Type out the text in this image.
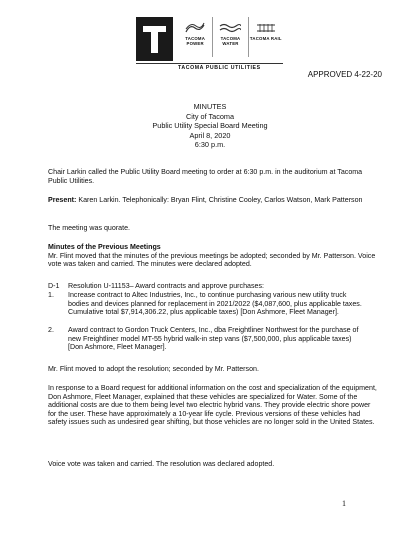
TACOMA POWER
TACOMA WATER
TACOMA RAIL
TACOMA PUBLIC UTILITIES
APPROVED 4-22-20
MINUTES
City of Tacoma
Public Utility Special Board Meeting
April 8, 2020
6:30 p.m.
Chair Larkin called the Public Utility Board meeting to order at 6:30 p.m. in the auditorium at Tacoma Public Utilities.
Present: Karen Larkin. Telephonically: Bryan Flint, Christine Cooley, Carlos Watson, Mark Patterson
The meeting was quorate.
Minutes of the Previous Meetings
Mr. Flint moved that the minutes of the previous meetings be adopted; seconded by Mr. Patterson. Voice vote was taken and carried. The minutes were declared adopted.
D-1 Resolution U-11153– Award contracts and approve purchases:
1. Increase contract to Altec Industries, Inc., to continue purchasing various new utility truck bodies and devices planned for replacement in 2021/2022 ($4,087,600, plus applicable taxes. Cumulative total $7,914,306.22, plus applicable taxes) [Don Ashmore, Fleet Manager].
2. Award contract to Gordon Truck Centers, Inc., dba Freightliner Northwest for the purchase of new Freightliner model MT-55 hybrid walk-in step vans ($7,500,000, plus applicable taxes) [Don Ashmore, Fleet Manager].
Mr. Flint moved to adopt the resolution; seconded by Mr. Patterson.
In response to a Board request for additional information on the cost and specialization of the equipment, Don Ashmore, Fleet Manager, explained that these vehicles are specialized for Water. Some of the additional costs are due to them being level two electric hybrid vans. They provide electric shore power for the user. These have approximately a 10-year life cycle. Previous versions of these vehicles had safety issues such as undesired gear shifting, but those vehicles are no longer sold in the United States.
Voice vote was taken and carried. The resolution was declared adopted.
1
